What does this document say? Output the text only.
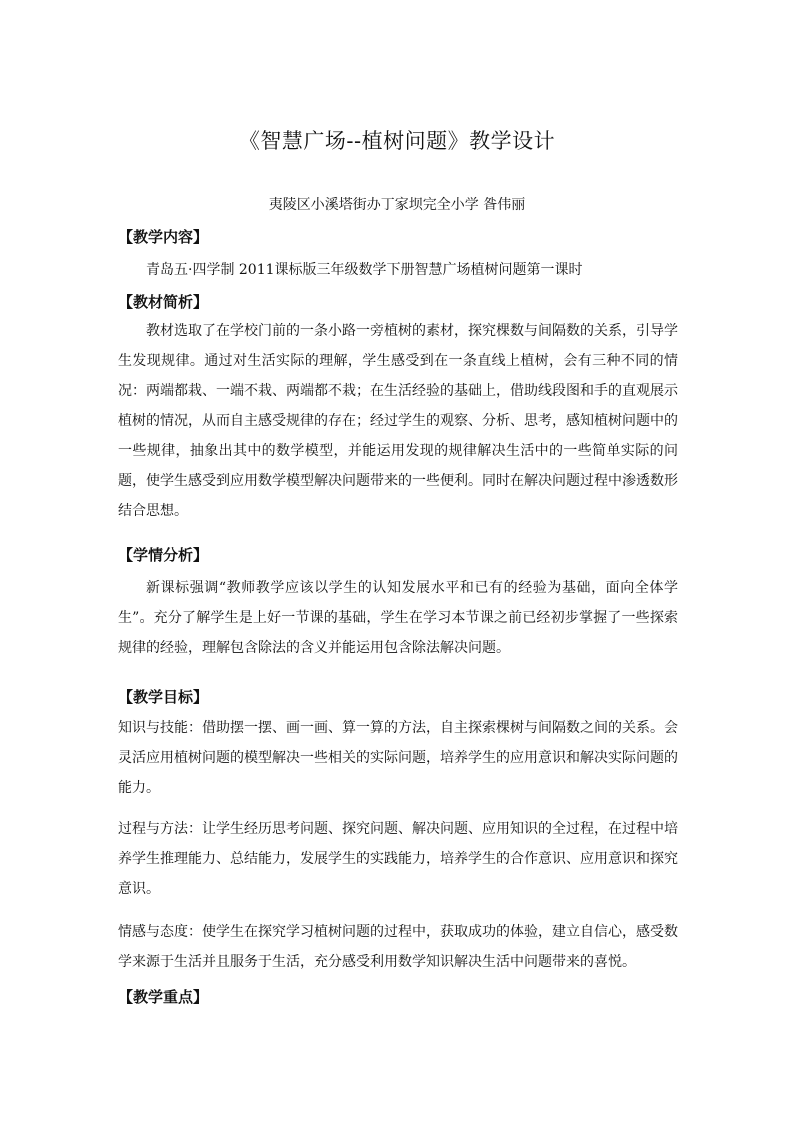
《智慧广场--植树问题》教学设计
夷陵区小溪塔街办丁家坝完全小学 昝伟丽
【教学内容】
青岛五·四学制 2011课标版三年级数学下册智慧广场植树问题第一课时
【教材简析】
教材选取了在学校门前的一条小路一旁植树的素材，探究棵数与间隔数的关系，引导学生发现规律。通过对生活实际的理解，学生感受到在一条直线上植树，会有三种不同的情况：两端都栽、一端不栽、两端都不栽；在生活经验的基础上，借助线段图和手的直观展示植树的情况，从而自主感受规律的存在；经过学生的观察、分析、思考，感知植树问题中的一些规律，抽象出其中的数学模型，并能运用发现的规律解决生活中的一些简单实际的问题，使学生感受到应用数学模型解决问题带来的一些便利。同时在解决问题过程中渗透数形结合思想。
【学情分析】
新课标强调“教师教学应该以学生的认知发展水平和已有的经验为基础，面向全体学生”。充分了解学生是上好一节课的基础，学生在学习本节课之前已经初步掌握了一些探索规律的经验，理解包含除法的含义并能运用包含除法解决问题。
【教学目标】
知识与技能：借助摆一摆、画一画、算一算的方法，自主探索棵树与间隔数之间的关系。会灵活应用植树问题的模型解决一些相关的实际问题，培养学生的应用意识和解决实际问题的能力。
过程与方法：让学生经历思考问题、探究问题、解决问题、应用知识的全过程，在过程中培养学生推理能力、总结能力，发展学生的实践能力，培养学生的合作意识、应用意识和探究意识。
情感与态度：使学生在探究学习植树问题的过程中，获取成功的体验，建立自信心，感受数学来源于生活并且服务于生活，充分感受利用数学知识解决生活中问题带来的喜悦。
【教学重点】
